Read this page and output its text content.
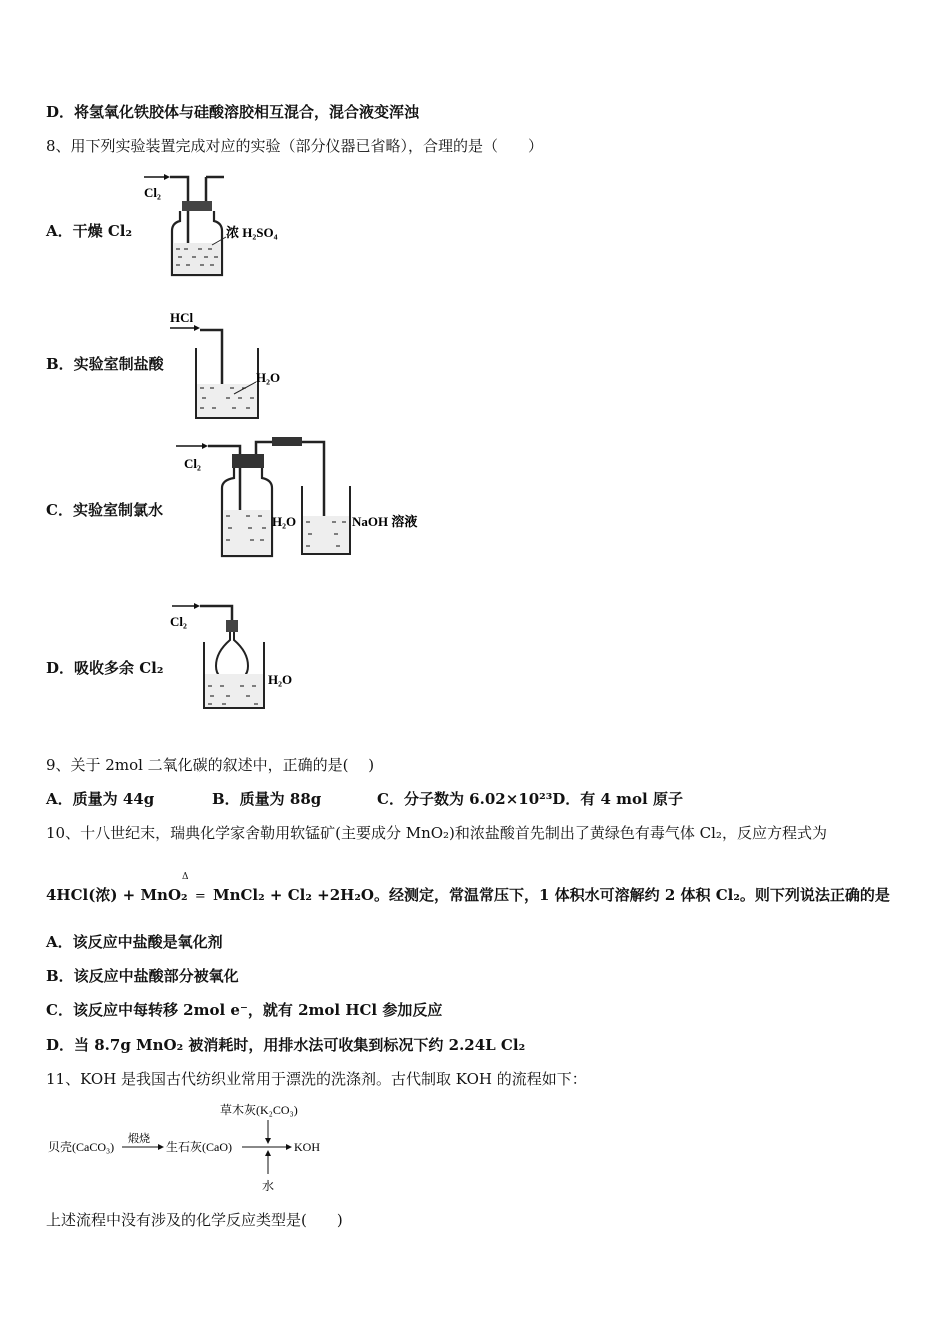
D．将氢氧化铁胶体与硅酸溶胶相互混合，混合液变浑浊
8、用下列实验装置完成对应的实验（部分仪器已省略），合理的是（　　）
A．干燥 Cl₂
Cl₂
浓 H₂SO₄
B．实验室制盐酸
HCl
H₂O
C．实验室制氯水
Cl₂
H₂O	NaOH 溶液
D．吸收多余 Cl₂
Cl₂
H₂O
9、关于 2mol 二氧化碳的叙述中，正确的是(　 )
A．质量为 44g	B．质量为 88g	C．分子数为 6.02×10²³D．有 4 mol 原子
10、十八世纪末，瑞典化学家舍勒用软锰矿(主要成分 MnO₂)和浓盐酸首先制出了黄绿色有毒气体 Cl₂，反应方程式为
Δ
4HCl(浓) + MnO₂ = MnCl₂ + Cl₂ +2H₂O。经测定，常温常压下，1 体积水可溶解约 2 体积 Cl₂。则下列说法正确的是
A．该反应中盐酸是氧化剂
B．该反应中盐酸部分被氧化
C．该反应中每转移 2mol e⁻，就有 2mol HCl 参加反应
D．当 8.7g MnO₂ 被消耗时，用排水法可收集到标况下约 2.24L Cl₂
11、KOH 是我国古代纺织业常用于漂洗的洗涤剂。古代制取 KOH 的流程如下：
草木灰(K₂CO₃)
贝壳(CaCO₃)
煅烧
生石灰(CaO)	KOH
水
上述流程中没有涉及的化学反应类型是(　　)
